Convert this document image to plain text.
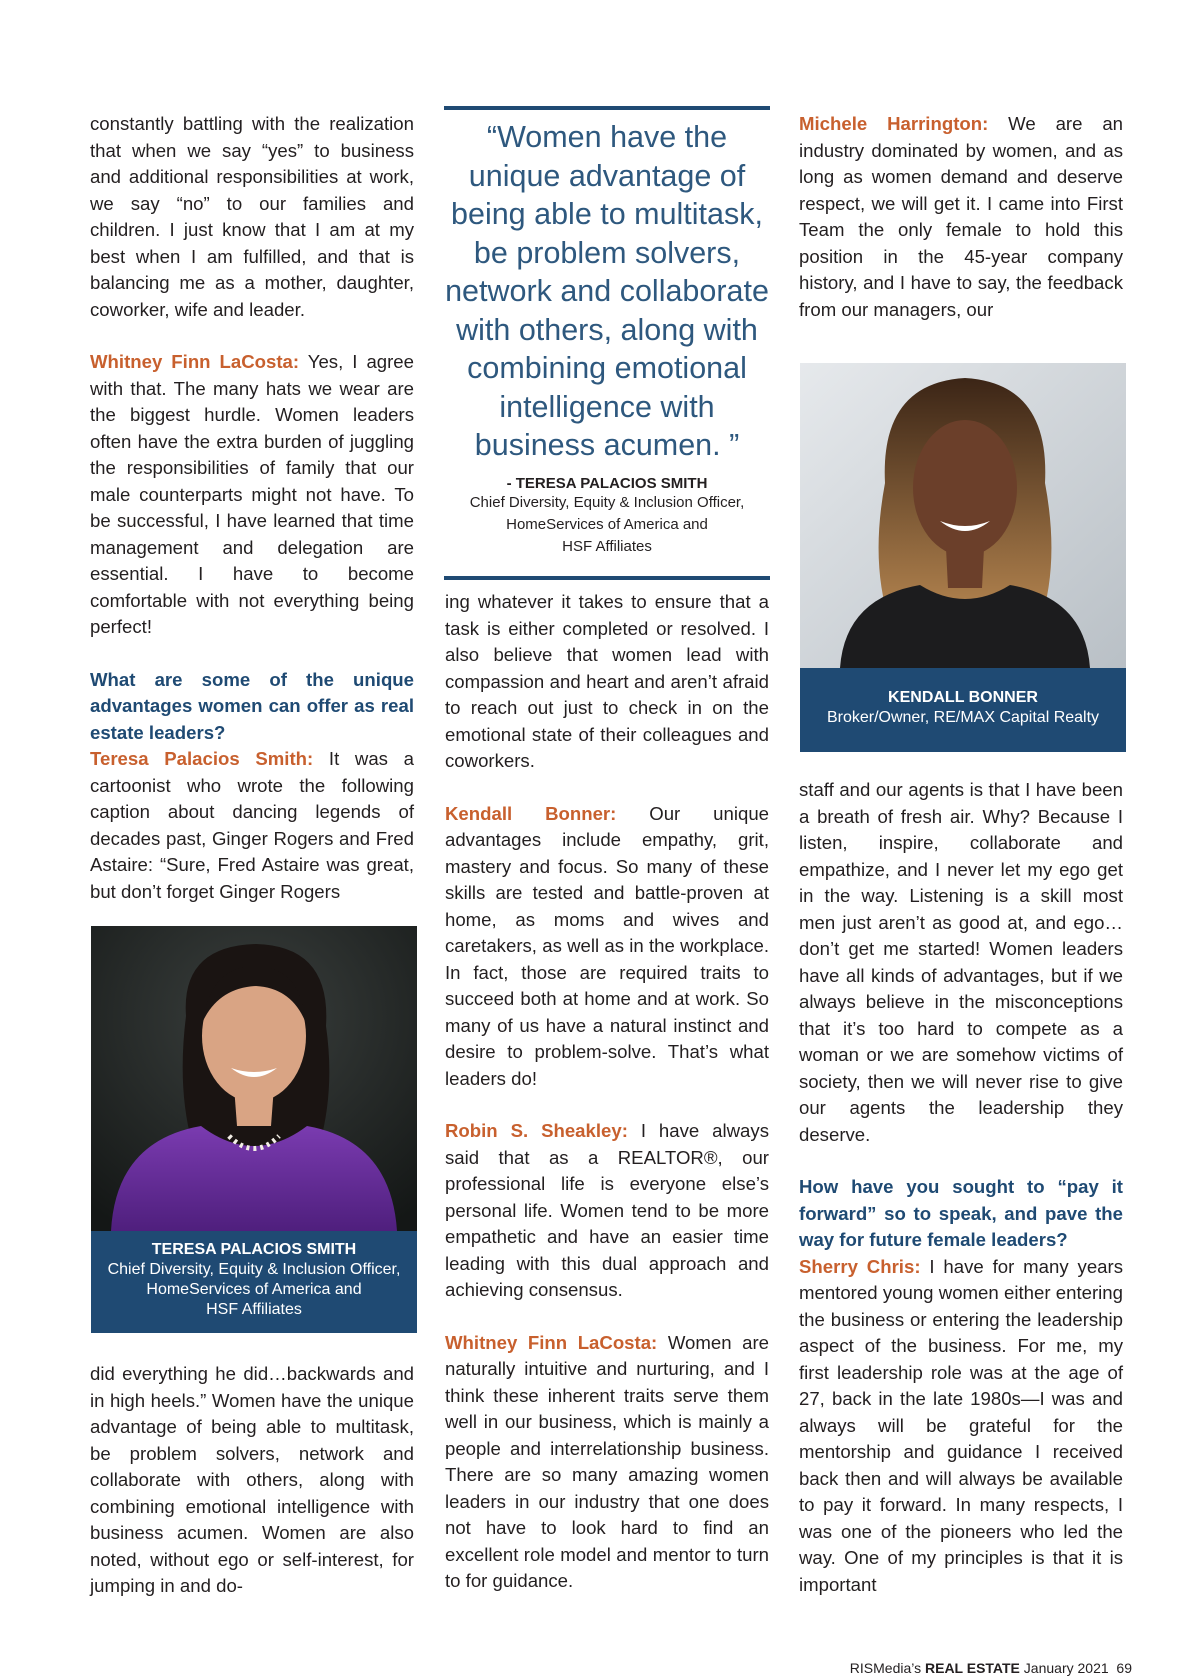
constantly battling with the realization that when we say “yes” to business and additional responsibilities at work, we say “no” to our families and children. I just know that I am at my best when I am fulfilled, and that is balancing me as a mother, daughter, coworker, wife and leader.

Whitney Finn LaCosta: Yes, I agree with that. The many hats we wear are the biggest hurdle. Women leaders often have the extra burden of juggling the responsibilities of family that our male counterparts might not have. To be successful, I have learned that time management and delegation are essential. I have to become comfortable with not everything being perfect!

What are some of the unique advantages women can offer as real estate leaders?

Teresa Palacios Smith: It was a cartoonist who wrote the following caption about dancing legends of decades past, Ginger Rogers and Fred Astaire: “Sure, Fred Astaire was great, but don’t forget Ginger Rogers

TERESA PALACIOS SMITH
Chief Diversity, Equity & Inclusion Officer,
HomeServices of America and
HSF Affiliates

did everything he did…backwards and in high heels.” Women have the unique advantage of being able to multitask, be problem solvers, network and collaborate with others, along with combining emotional intelligence with business acumen. Women are also noted, without ego or self-interest, for jumping in and do-

“Women have the unique advantage of being able to multitask, be problem solvers, network and collaborate with others, along with combining emotional intelligence with business acumen. ”

- TERESA PALACIOS SMITH
Chief Diversity, Equity & Inclusion Officer,
HomeServices of America and
HSF Affiliates

ing whatever it takes to ensure that a task is either completed or resolved. I also believe that women lead with compassion and heart and aren’t afraid to reach out just to check in on the emotional state of their colleagues and coworkers.

Kendall Bonner: Our unique advantages include empathy, grit, mastery and focus. So many of these skills are tested and battle-proven at home, as moms and wives and caretakers, as well as in the workplace. In fact, those are required traits to succeed both at home and at work. So many of us have a natural instinct and desire to problem-solve. That’s what leaders do!

Robin S. Sheakley: I have always said that as a REALTOR®, our professional life is everyone else’s personal life. Women tend to be more empathetic and have an easier time leading with this dual approach and achieving consensus.

Whitney Finn LaCosta: Women are naturally intuitive and nurturing, and I think these inherent traits serve them well in our business, which is mainly a people and interrelationship business. There are so many amazing women leaders in our industry that one does not have to look hard to find an excellent role model and mentor to turn to for guidance.

Michele Harrington: We are an industry dominated by women, and as long as women demand and deserve respect, we will get it. I came into First Team the only female to hold this position in the 45-year company history, and I have to say, the feedback from our managers, our

KENDALL BONNER
Broker/Owner, RE/MAX Capital Realty

staff and our agents is that I have been a breath of fresh air. Why? Because I listen, inspire, collaborate and empathize, and I never let my ego get in the way. Listening is a skill most men just aren’t as good at, and ego…don’t get me started! Women leaders have all kinds of advantages, but if we always believe in the misconceptions that it’s too hard to compete as a woman or we are somehow victims of society, then we will never rise to give our agents the leadership they deserve.

How have you sought to “pay it forward” so to speak, and pave the way for future female leaders?

Sherry Chris: I have for many years mentored young women either entering the business or entering the leadership aspect of the business. For me, my first leadership role was at the age of 27, back in the late 1980s—I was and always will be grateful for the mentorship and guidance I received back then and will always be available to pay it forward. In many respects, I was one of the pioneers who led the way. One of my principles is that it is important

RISMedia’s REAL ESTATE January 2021 69
